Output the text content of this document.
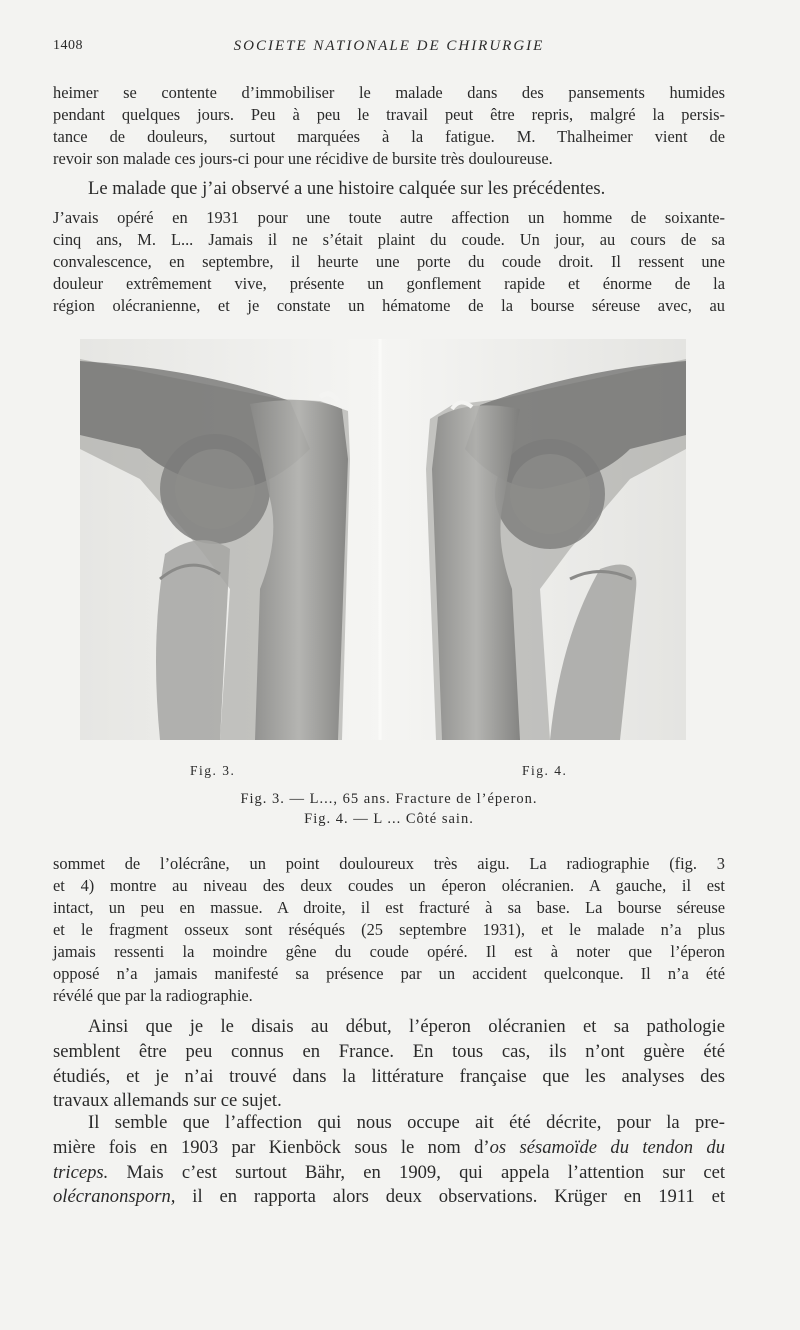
1408	SOCIETE NATIONALE DE CHIRURGIE
heimer se contente d’immobiliser le malade dans des pansements humides
pendant quelques jours. Peu à peu le travail peut être repris, malgré la persis-
tance de douleurs, surtout marquées à la fatigue. M. Thalheimer vient de
revoir son malade ces jours-ci pour une récidive de bursite très douloureuse.
Le malade que j’ai observé a une histoire calquée sur les précédentes.
J’avais opéré en 1931 pour une toute autre affection un homme de soixante-
cinq ans, M. L... Jamais il ne s’était plaint du coude. Un jour, au cours de sa
convalescence, en septembre, il heurte une porte du coude droit. Il ressent une
douleur extrêmement vive, présente un gonflement rapide et énorme de la
région olécranienne, et je constate un hématome de la bourse séreuse avec, au
Fig. 3.	Fig. 4.
Fig. 3. — L..., 65 ans. Fracture de l’éperon.
Fig. 4. — L ... Côté sain.
sommet de l’olécrâne, un point douloureux très aigu. La radiographie (fig. 3
et 4) montre au niveau des deux coudes un éperon olécranien. A gauche, il est
intact, un peu en massue. A droite, il est fracturé à sa base. La bourse séreuse
et le fragment osseux sont réséqués (25 septembre 1931), et le malade n’a plus
jamais ressenti la moindre gêne du coude opéré. Il est à noter que l’éperon
opposé n’a jamais manifesté sa présence par un accident quelconque. Il n’a été
révélé que par la radiographie.
Ainsi que je le disais au début, l’éperon olécranien et sa pathologie
semblent être peu connus en France. En tous cas, ils n’ont guère été
étudiés, et je n’ai trouvé dans la littérature française que les analyses des
travaux allemands sur ce sujet.
Il semble que l’affection qui nous occupe ait été décrite, pour la pre-
mière fois en 1903 par Kienböck sous le nom d’os sésamoïde du tendon du
triceps. Mais c’est surtout Bähr, en 1909, qui appela l’attention sur cet
olécranonsporn, il en rapporta alors deux observations. Krüger en 1911 et
